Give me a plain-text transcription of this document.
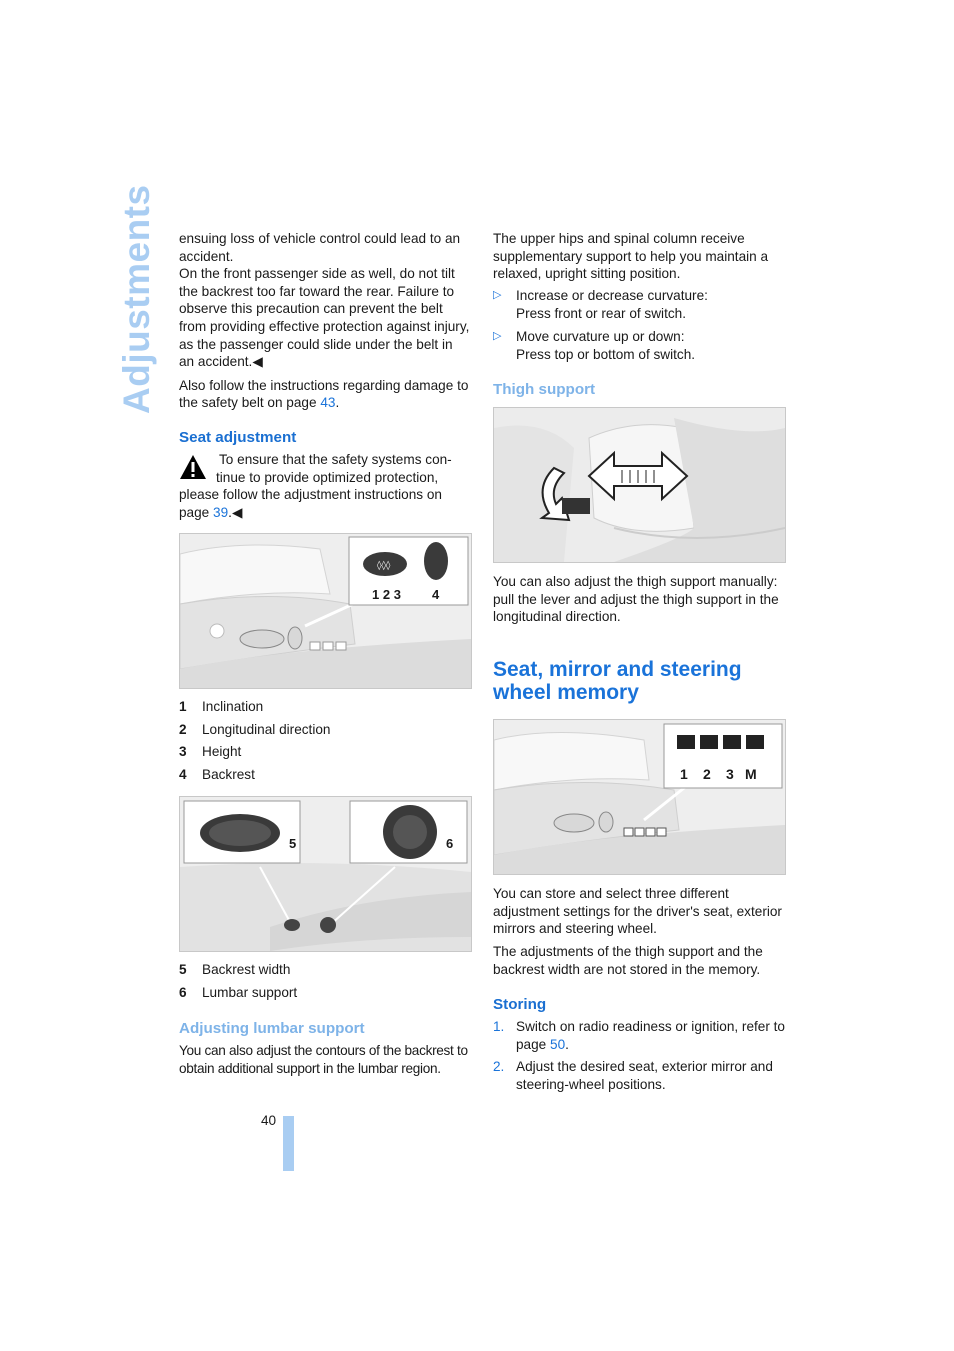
Adjustments ensuing loss of vehicle control could lead to an accident.

On the front passenger side as well, do not tilt the backrest too far toward the rear. Failure to observe this precaution can prevent the belt from providing effective protection against injury, as the passenger could slide under the belt in an accident.◀

Also follow the instructions regarding damage to the safety belt on page 43.

Seat adjustment

To ensure that the safety systems con-

tinue to provide optimized protection,

please follow the adjustment instructions on page 39.◀

◊◊◊
1 2 3 4
1 Inclination
2 Longitudinal direction
3 Height
4 Backrest
5	6
5 Backrest width
6 Lumbar support
Adjusting lumbar support

You can also adjust the contours of the backrest to obtain additional support in the lumbar region.

40

The upper hips and spinal column receive supplementary support to help you maintain a relaxed, upright sitting position.

▷ Increase or decrease curvature:

Press front or rear of switch.

▷ Move curvature up or down:

Press top or bottom of switch.

Thigh support

You can also adjust the thigh support manually: pull the lever and adjust the thigh support in the longitudinal direction.

Seat, mirror and steering
wheel memory
1 2 3 M

You can store and select three different adjustment settings for the driver's seat, exterior mirrors and steering wheel.

The adjustments of the thigh support and the backrest width are not stored in the memory.

Storing
1. Switch on radio readiness or ignition, refer to page 50.

2. Adjust the desired seat, exterior mirror and steering-wheel positions.
